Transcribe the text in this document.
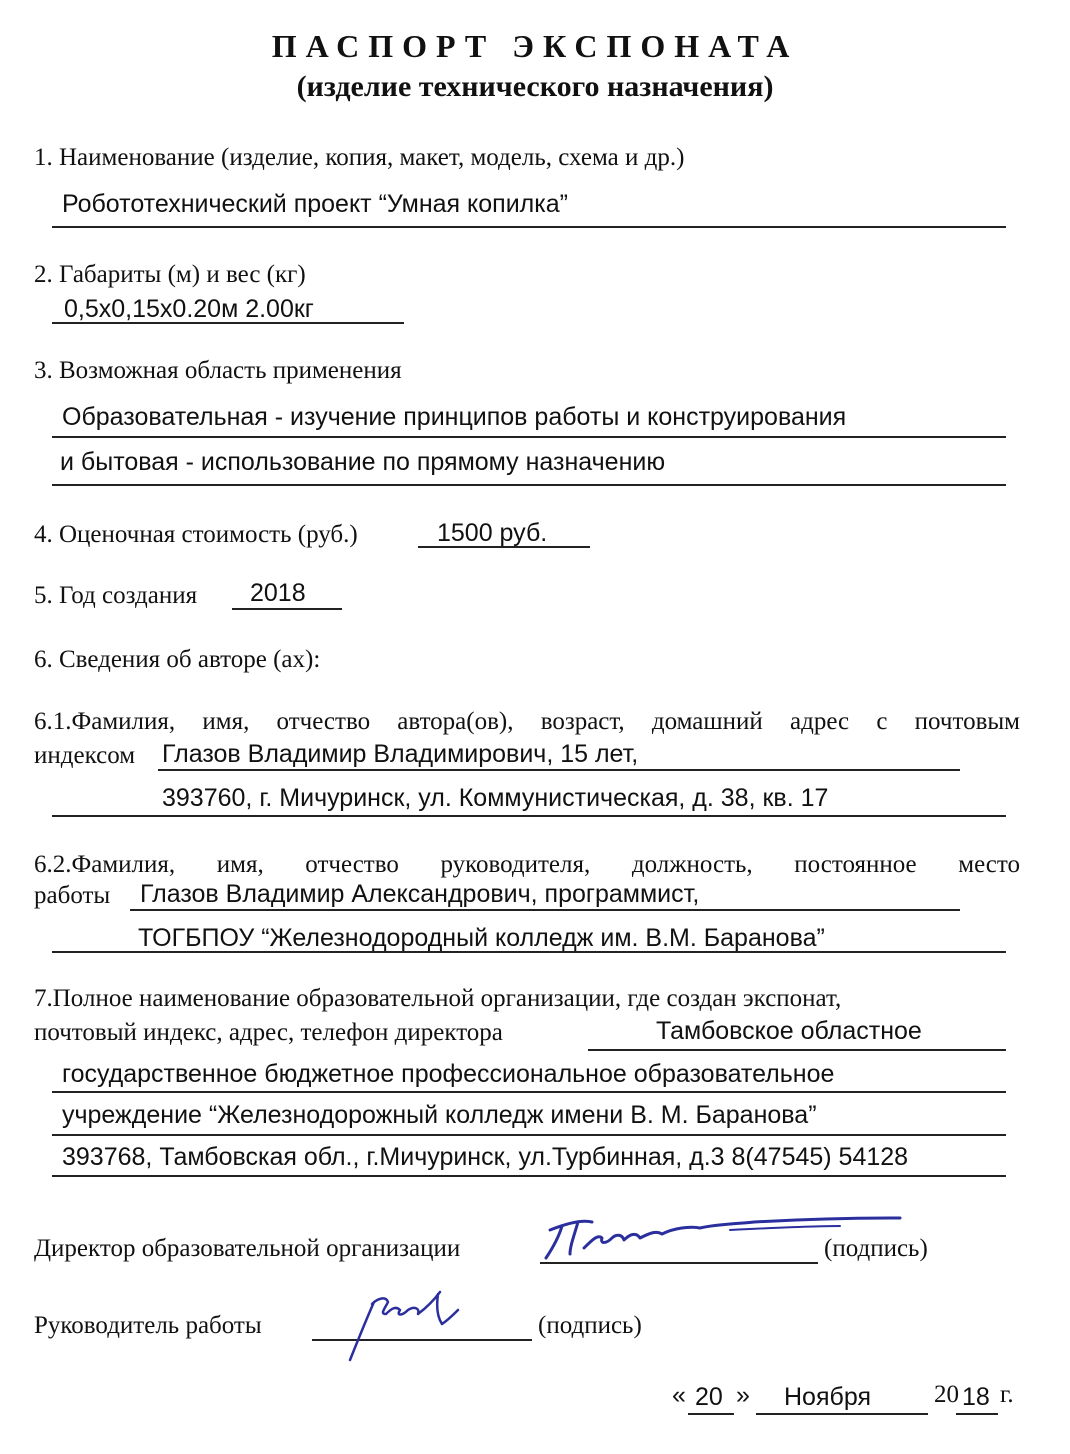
ПАСПОРТ ЭКСПОНАТА
(изделие технического назначения)
1. Наименование (изделие, копия, макет, модель, схема и др.)
Робототехнический проект “Умная копилка”
2. Габариты (м) и вес (кг)
0,5х0,15х0.20м 2.00кг
3. Возможная область применения
Образовательная - изучение принципов работы и конструирования
и бытовая - использование по прямому назначению
4. Оценочная стоимость (руб.)	1500 руб.
5. Год создания 2018
6. Сведения об авторе (ах):
6.1.Фамилия, имя, отчество автора(ов), возраст, домашний адрес с почтовым
индексом Глазов Владимир Владимирович, 15 лет,
393760, г. Мичуринск, ул. Коммунистическая, д. 38, кв. 17
6.2.Фамилия, имя, отчество руководителя, должность, постоянное место
работы Глазов Владимир Александрович, программист,
ТОГБПОУ “Железнодородный колледж им. В.М. Баранова”
7.Полное наименование образовательной организации, где создан экспонат,
почтовый индекс, адрес, телефон директора	Тамбовское областное
государственное бюджетное профессиональное образовательное
учреждение “Железнодорожный колледж имени В. М. Баранова”
393768, Тамбовская обл., г.Мичуринск, ул.Турбинная, д.3 8(47545) 54128
Директор образовательной организации	(подпись)
Руководитель работы	(подпись)
« 20 » Ноября	20 18 г.
